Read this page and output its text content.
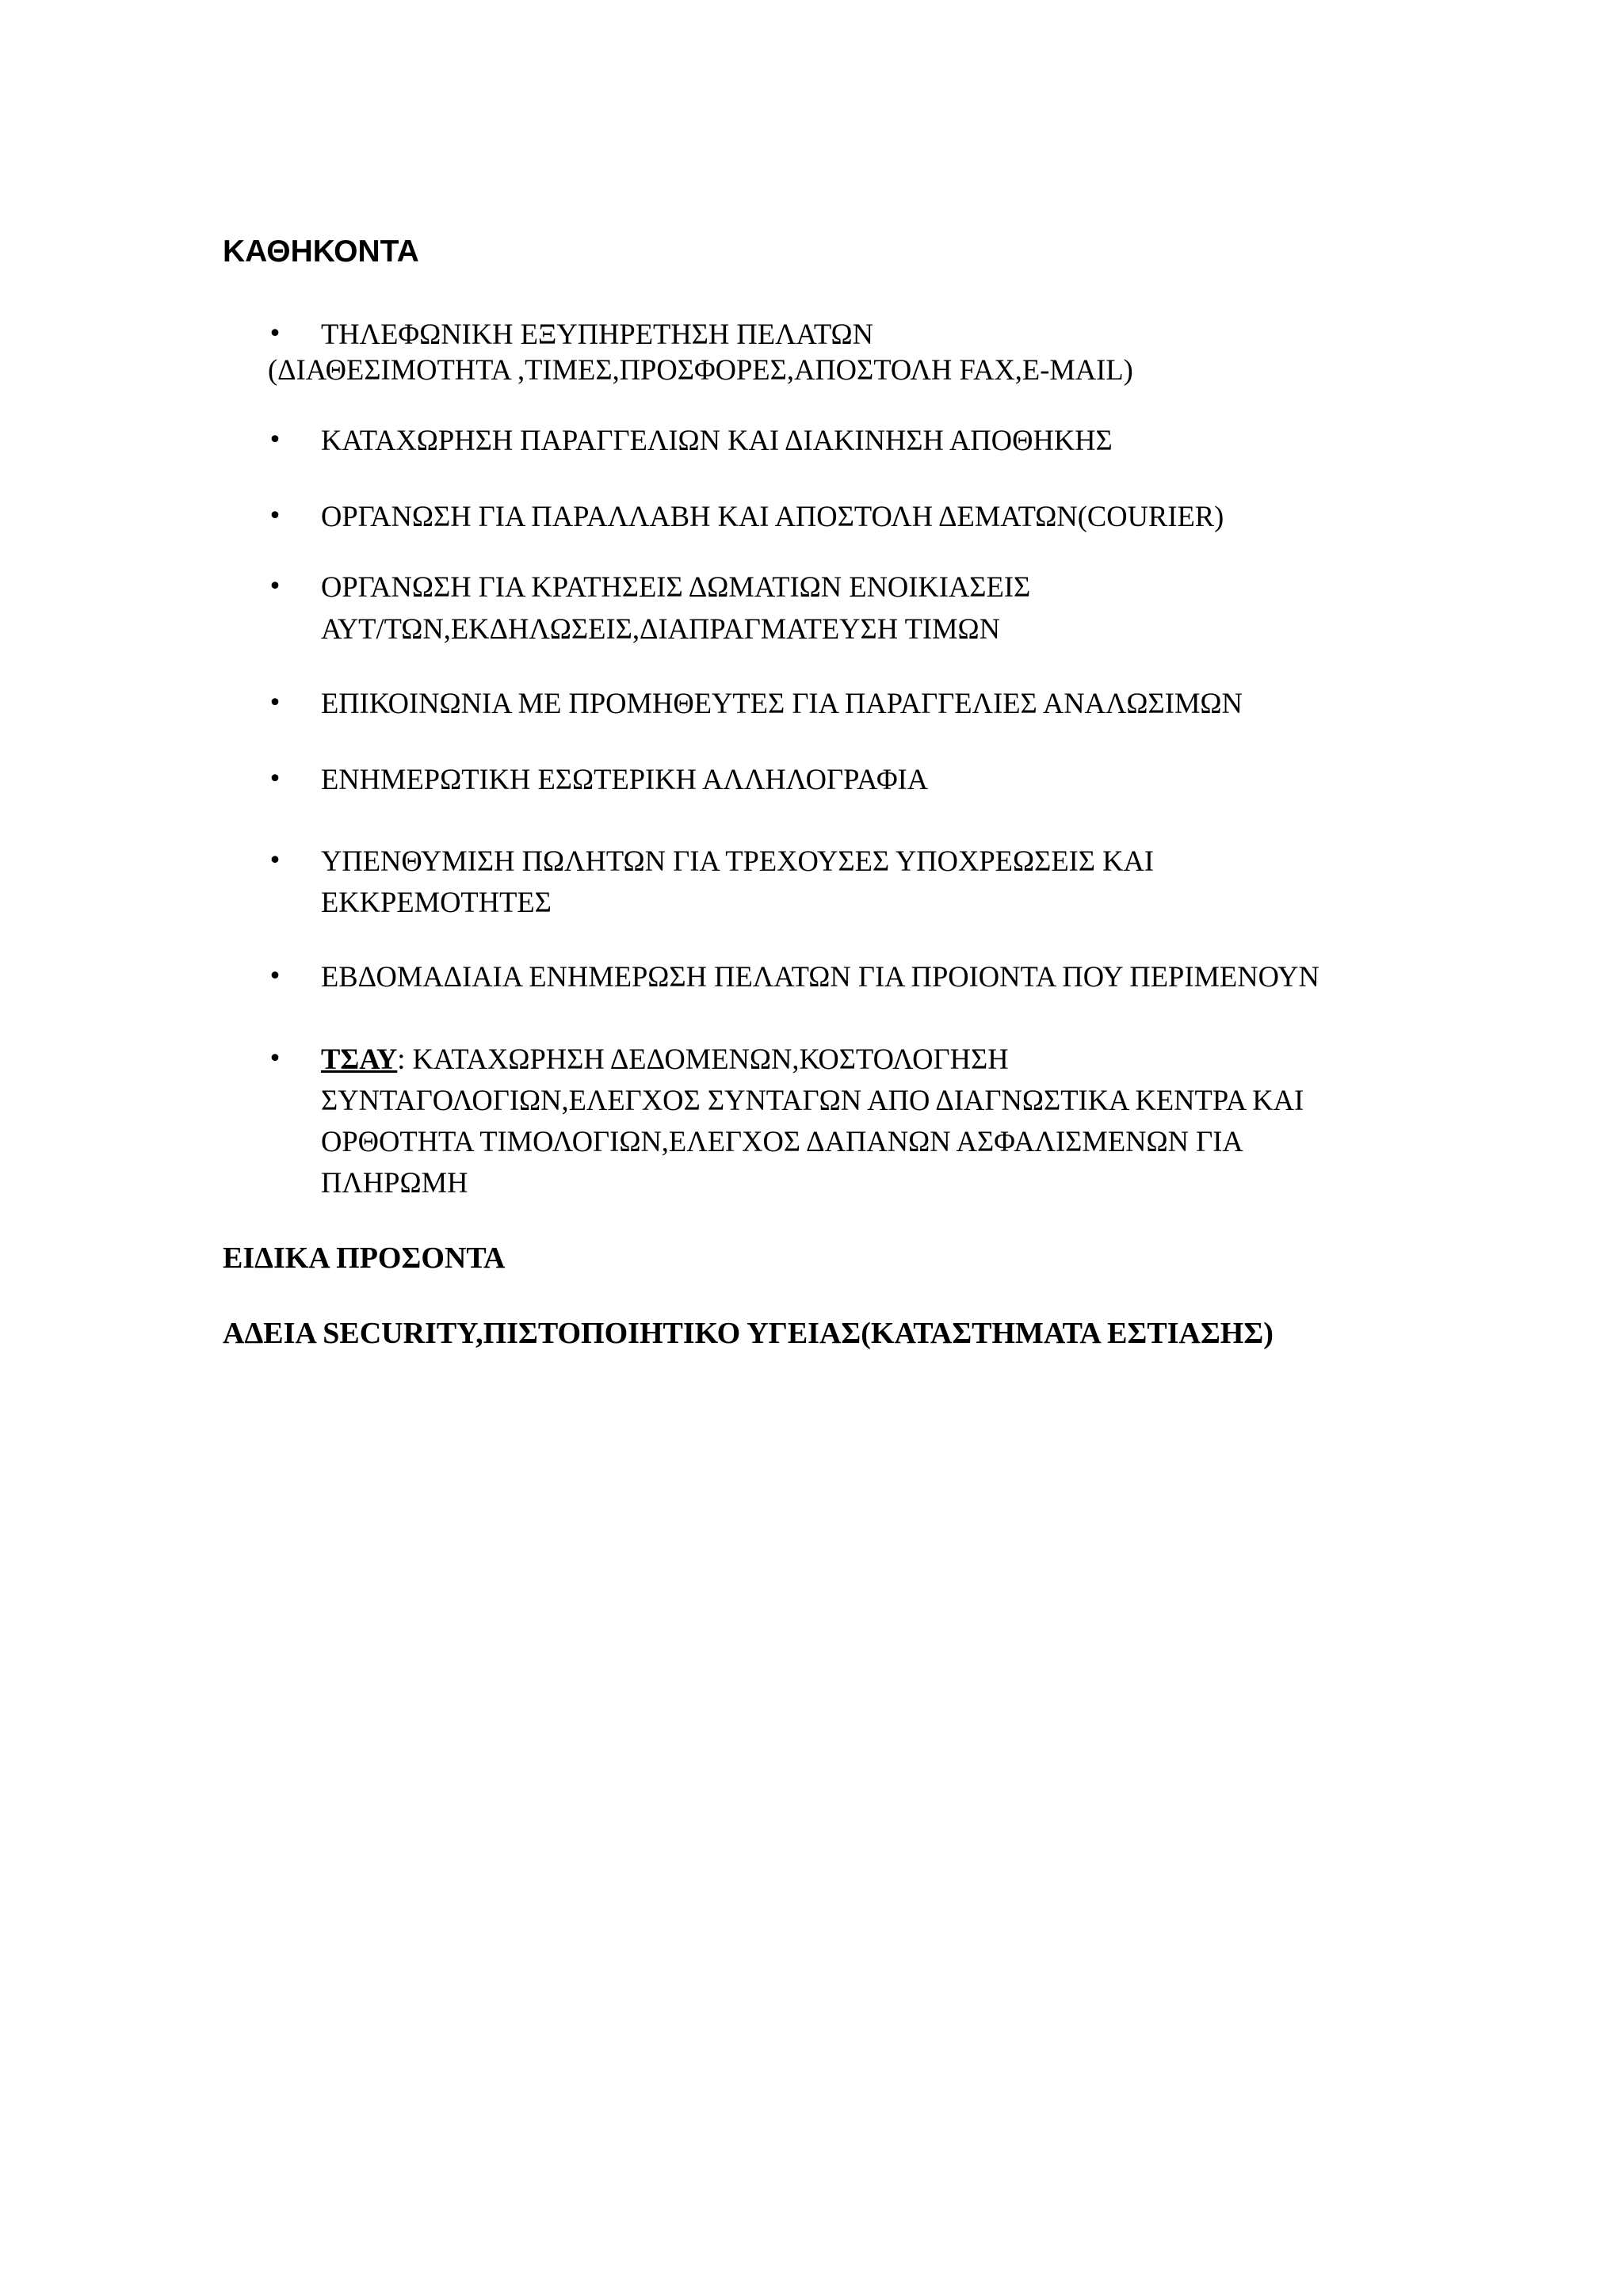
ΚΑΘΗΚΟΝΤΑ
• ΤΗΛΕΦΩΝΙΚΗ ΕΞΥΠΗΡΕΤΗΣΗ ΠΕΛΑΤΩΝ
(ΔΙΑΘΕΣΙΜΟΤΗΤΑ ,ΤΙΜΕΣ,ΠΡΟΣΦΟΡΕΣ,ΑΠΟΣΤΟΛΗ FAX,E-MAIL)
• ΚΑΤΑΧΩΡΗΣΗ ΠΑΡΑΓΓΕΛΙΩΝ ΚΑΙ ΔΙΑΚΙΝΗΣΗ ΑΠΟΘΗΚΗΣ
• ΟΡΓΑΝΩΣΗ ΓΙΑ ΠΑΡΑΛΛΑΒΗ ΚΑΙ ΑΠΟΣΤΟΛΗ ΔΕΜΑΤΩΝ(COURIER)
• ΟΡΓΑΝΩΣΗ ΓΙΑ ΚΡΑΤΗΣΕΙΣ ΔΩΜΑΤΙΩΝ ΕΝΟΙΚΙΑΣΕΙΣ
ΑΥΤ/ΤΩΝ,ΕΚΔΗΛΩΣΕΙΣ,ΔΙΑΠΡΑΓΜΑΤΕΥΣΗ ΤΙΜΩΝ
• ΕΠΙΚΟΙΝΩΝΙΑ ΜΕ ΠΡΟΜΗΘΕΥΤΕΣ ΓΙΑ ΠΑΡΑΓΓΕΛΙΕΣ ΑΝΑΛΩΣΙΜΩΝ
• ΕΝΗΜΕΡΩΤΙΚΗ ΕΣΩΤΕΡΙΚΗ ΑΛΛΗΛΟΓΡΑΦΙΑ
• ΥΠΕΝΘΥΜΙΣΗ ΠΩΛΗΤΩΝ ΓΙΑ ΤΡΕΧΟΥΣΕΣ ΥΠΟΧΡΕΩΣΕΙΣ ΚΑΙ
ΕΚΚΡΕΜΟΤΗΤΕΣ
• ΕΒΔΟΜΑΔΙΑΙΑ ΕΝΗΜΕΡΩΣΗ ΠΕΛΑΤΩΝ ΓΙΑ ΠΡΟΙΟΝΤΑ ΠΟΥ ΠΕΡΙΜΕΝΟΥΝ
• ΤΣΑΥ: ΚΑΤΑΧΩΡΗΣΗ ΔΕΔΟΜΕΝΩΝ,ΚΟΣΤΟΛΟΓΗΣΗ
ΣΥΝΤΑΓΟΛΟΓΙΩΝ,ΕΛΕΓΧΟΣ ΣΥΝΤΑΓΩΝ ΑΠΟ ΔΙΑΓΝΩΣΤΙΚΑ ΚΕΝΤΡΑ ΚΑΙ
ΟΡΘΟΤΗΤΑ ΤΙΜΟΛΟΓΙΩΝ,ΕΛΕΓΧΟΣ ΔΑΠΑΝΩΝ ΑΣΦΑΛΙΣΜΕΝΩΝ ΓΙΑ
ΠΛΗΡΩΜΗ
ΕΙΔΙΚΑ ΠΡΟΣΟΝΤΑ

ΑΔΕΙΑ SECURITY,ΠΙΣΤΟΠΟΙΗΤΙΚΟ ΥΓΕΙΑΣ(ΚΑΤΑΣΤΗΜΑΤΑ ΕΣΤΙΑΣΗΣ)
